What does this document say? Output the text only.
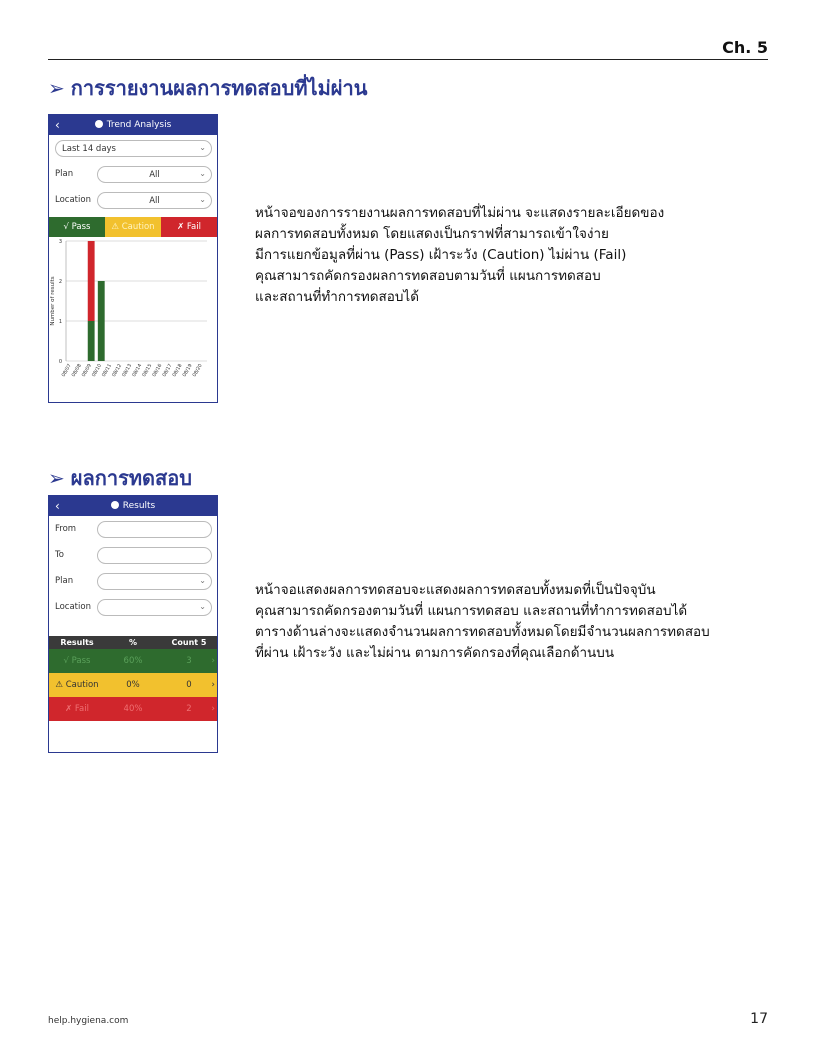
Ch. 5
➢ การรายงานผลการทดสอบที่ไม่ผ่าน
‹	Trend Analysis
Last 14 days	⌄
Plan	All	⌄
Location	All	⌄
√ Pass	⚠ Caution	✗ Fail
0
1
2
3
Number of results
08/07
08/08
08/09
08/10
08/11
08/12
08/13
08/14
08/15
08/16
08/17
08/18
08/19
08/20

หน้าจอของการรายงานผลการทดสอบที่ไม่ผ่าน จะแสดงรายละเอียดของ

ผลการทดสอบทั้งหมด โดยแสดงเป็นกราฟที่สามารถเข้าใจง่าย

มีการแยกข้อมูลที่ผ่าน (Pass) เฝ้าระวัง (Caution) ไม่ผ่าน (Fail)

คุณสามารถคัดกรองผลการทดสอบตามวันที่ แผนการทดสอบ

และสถานที่ทำการทดสอบได้

➢ ผลการทดสอบ
‹	Results
From
To
Plan	⌄
Location	⌄
Results	%	Count 5
√ Pass	60%	3	›
⚠ Caution	0%	0	›
✗ Fail	40%	2	›

หน้าจอแสดงผลการทดสอบจะแสดงผลการทดสอบทั้งหมดที่เป็นปัจจุบัน

คุณสามารถคัดกรองตามวันที่ แผนการทดสอบ และสถานที่ทำการทดสอบได้

ตารางด้านล่างจะแสดงจำนวนผลการทดสอบทั้งหมดโดยมีจำนวนผลการทดสอบ

ที่ผ่าน เฝ้าระวัง และไม่ผ่าน ตามการคัดกรองที่คุณเลือกด้านบน

help.hygiena.com	17
